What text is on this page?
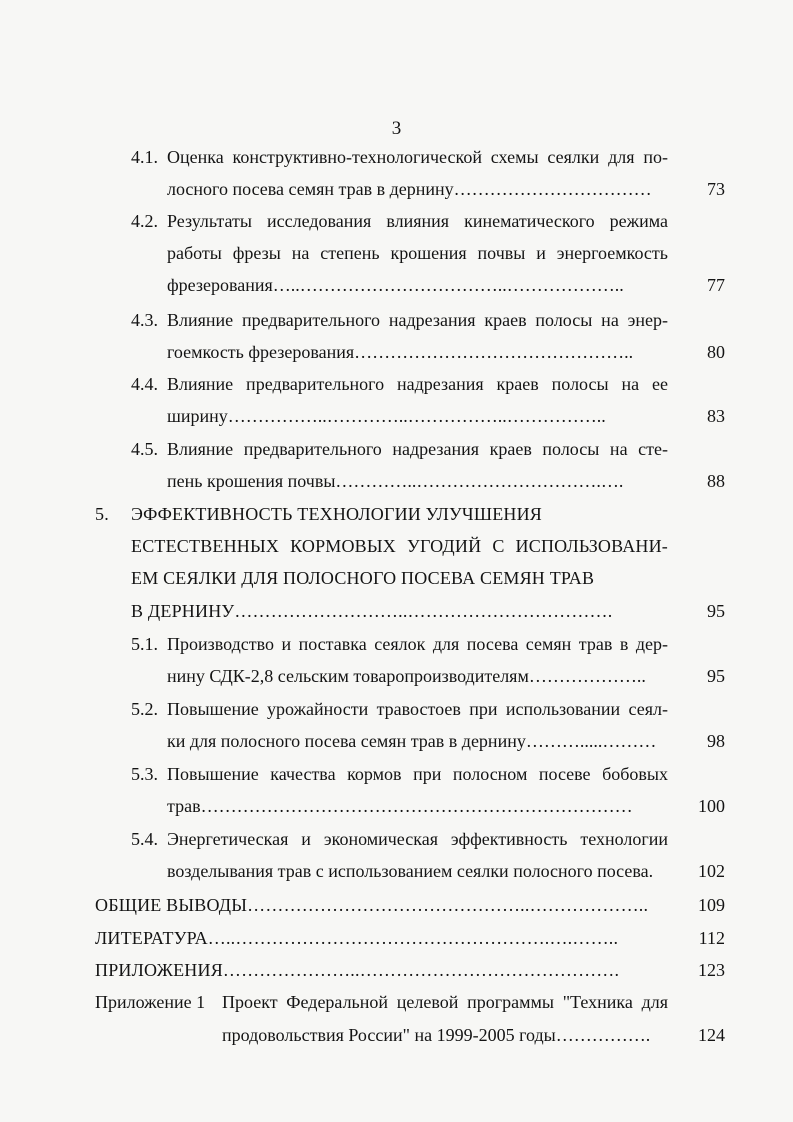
3
4.1. Оценка конструктивно-технологической схемы сеялки для по-
лосного посева семян трав в дернину……………………………	73
4.2. Результаты исследования влияния кинематического режима
работы фрезы на степень крошения почвы и энергоемкость
фрезерования…..……………………………..………………..	77
4.3. Влияние предварительного надрезания краев полосы на энер-
гоемкость фрезерования………………………………………..	80
4.4. Влияние предварительного надрезания краев полосы на ее
ширину……………..…………..……………..……………..	83
4.5. Влияние предварительного надрезания краев полосы на сте-
пень крошения почвы…………..………………………….….	88
5.	ЭФФЕКТИВНОСТЬ ТЕХНОЛОГИИ УЛУЧШЕНИЯ
ЕСТЕСТВЕННЫХ КОРМОВЫХ УГОДИЙ С ИСПОЛЬЗОВАНИ-
ЕМ СЕЯЛКИ ДЛЯ ПОЛОСНОГО ПОСЕВА СЕМЯН ТРАВ
В ДЕРНИНУ………………………..…………………………….	95
5.1. Производство и поставка сеялок для посева семян трав в дер-
нину СДК-2,8 сельским товаропроизводителям………………..	95
5.2. Повышение урожайности травостоев при использовании сеял-
ки для полосного посева семян трав в дернину……….....………	98
5.3. Повышение качества кормов при полосном посеве бобовых
трав………………………………………………………………	100
5.4. Энергетическая и экономическая эффективность технологии
возделывания трав с использованием сеялки полосного посева.	102
ОБЩИЕ ВЫВОДЫ………………………………………..………………..	109
ЛИТЕРАТУРА…..…………………………………………….….……..	112
ПРИЛОЖЕНИЯ…………………..…………………………………….	123
Приложение 1 Проект Федеральной целевой программы "Техника для
продовольствия России" на 1999-2005 годы…………….	124
